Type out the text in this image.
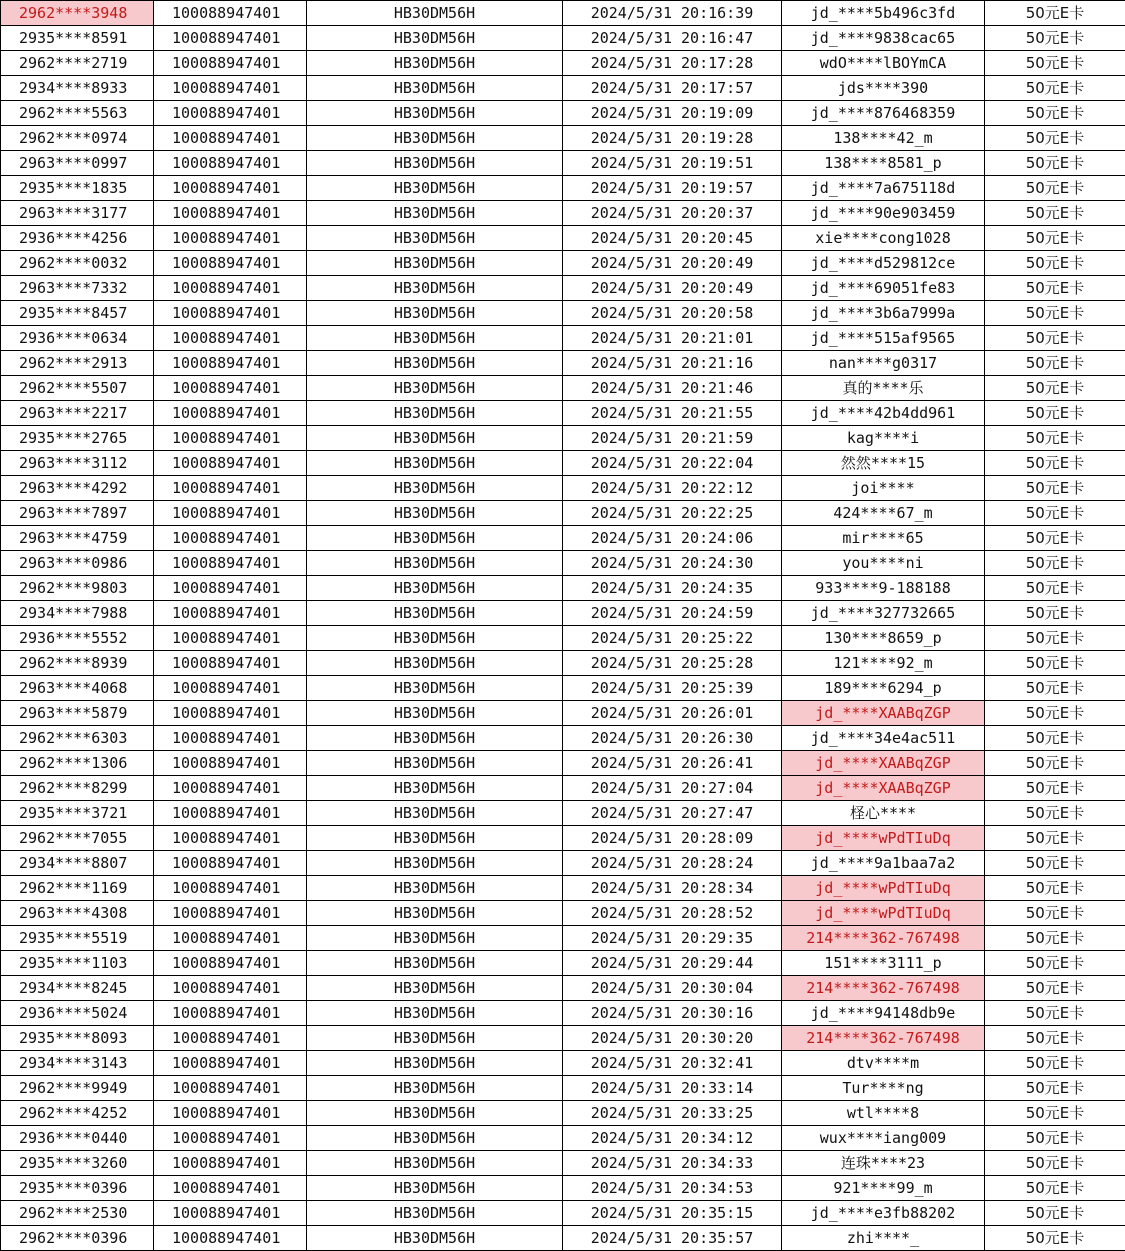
2962****3948	100088947401	HB30DM56H	2024/5/31 20:16:39	jd_****5b496c3fd	50元E卡
2935****8591	100088947401	HB30DM56H	2024/5/31 20:16:47	jd_****9838cac65	50元E卡
2962****2719	100088947401	HB30DM56H	2024/5/31 20:17:28	wdO****lBOYmCA	50元E卡
2934****8933	100088947401	HB30DM56H	2024/5/31 20:17:57	jds****390	50元E卡
2962****5563	100088947401	HB30DM56H	2024/5/31 20:19:09	jd_****876468359	50元E卡
2962****0974	100088947401	HB30DM56H	2024/5/31 20:19:28	138****42_m	50元E卡
2963****0997	100088947401	HB30DM56H	2024/5/31 20:19:51	138****8581_p	50元E卡
2935****1835	100088947401	HB30DM56H	2024/5/31 20:19:57	jd_****7a675118d	50元E卡
2963****3177	100088947401	HB30DM56H	2024/5/31 20:20:37	jd_****90e903459	50元E卡
2936****4256	100088947401	HB30DM56H	2024/5/31 20:20:45	xie****cong1028	50元E卡
2962****0032	100088947401	HB30DM56H	2024/5/31 20:20:49	jd_****d529812ce	50元E卡
2963****7332	100088947401	HB30DM56H	2024/5/31 20:20:49	jd_****69051fe83	50元E卡
2935****8457	100088947401	HB30DM56H	2024/5/31 20:20:58	jd_****3b6a7999a	50元E卡
2936****0634	100088947401	HB30DM56H	2024/5/31 20:21:01	jd_****515af9565	50元E卡
2962****2913	100088947401	HB30DM56H	2024/5/31 20:21:16	nan****g0317	50元E卡
2962****5507	100088947401	HB30DM56H	2024/5/31 20:21:46	真的****乐	50元E卡
2963****2217	100088947401	HB30DM56H	2024/5/31 20:21:55	jd_****42b4dd961	50元E卡
2935****2765	100088947401	HB30DM56H	2024/5/31 20:21:59	kag****i	50元E卡
2963****3112	100088947401	HB30DM56H	2024/5/31 20:22:04	然然****15	50元E卡
2963****4292	100088947401	HB30DM56H	2024/5/31 20:22:12	joi****	50元E卡
2963****7897	100088947401	HB30DM56H	2024/5/31 20:22:25	424****67_m	50元E卡
2963****4759	100088947401	HB30DM56H	2024/5/31 20:24:06	mir****65	50元E卡
2963****0986	100088947401	HB30DM56H	2024/5/31 20:24:30	you****ni	50元E卡
2962****9803	100088947401	HB30DM56H	2024/5/31 20:24:35	933****9-188188	50元E卡
2934****7988	100088947401	HB30DM56H	2024/5/31 20:24:59	jd_****327732665	50元E卡
2936****5552	100088947401	HB30DM56H	2024/5/31 20:25:22	130****8659_p	50元E卡
2962****8939	100088947401	HB30DM56H	2024/5/31 20:25:28	121****92_m	50元E卡
2963****4068	100088947401	HB30DM56H	2024/5/31 20:25:39	189****6294_p	50元E卡
2963****5879	100088947401	HB30DM56H	2024/5/31 20:26:01	jd_****XAABqZGP	50元E卡
2962****6303	100088947401	HB30DM56H	2024/5/31 20:26:30	jd_****34e4ac511	50元E卡
2962****1306	100088947401	HB30DM56H	2024/5/31 20:26:41	jd_****XAABqZGP	50元E卡
2962****8299	100088947401	HB30DM56H	2024/5/31 20:27:04	jd_****XAABqZGP	50元E卡
2935****3721	100088947401	HB30DM56H	2024/5/31 20:27:47	柽心****	50元E卡
2962****7055	100088947401	HB30DM56H	2024/5/31 20:28:09	jd_****wPdTIuDq	50元E卡
2934****8807	100088947401	HB30DM56H	2024/5/31 20:28:24	jd_****9a1baa7a2	50元E卡
2962****1169	100088947401	HB30DM56H	2024/5/31 20:28:34	jd_****wPdTIuDq	50元E卡
2963****4308	100088947401	HB30DM56H	2024/5/31 20:28:52	jd_****wPdTIuDq	50元E卡
2935****5519	100088947401	HB30DM56H	2024/5/31 20:29:35	214****362-767498	50元E卡
2935****1103	100088947401	HB30DM56H	2024/5/31 20:29:44	151****3111_p	50元E卡
2934****8245	100088947401	HB30DM56H	2024/5/31 20:30:04	214****362-767498	50元E卡
2936****5024	100088947401	HB30DM56H	2024/5/31 20:30:16	jd_****94148db9e	50元E卡
2935****8093	100088947401	HB30DM56H	2024/5/31 20:30:20	214****362-767498	50元E卡
2934****3143	100088947401	HB30DM56H	2024/5/31 20:32:41	dtv****m	50元E卡
2962****9949	100088947401	HB30DM56H	2024/5/31 20:33:14	Tur****ng	50元E卡
2962****4252	100088947401	HB30DM56H	2024/5/31 20:33:25	wtl****8	50元E卡
2936****0440	100088947401	HB30DM56H	2024/5/31 20:34:12	wux****iang009	50元E卡
2935****3260	100088947401	HB30DM56H	2024/5/31 20:34:33	连珠****23	50元E卡
2935****0396	100088947401	HB30DM56H	2024/5/31 20:34:53	921****99_m	50元E卡
2962****2530	100088947401	HB30DM56H	2024/5/31 20:35:15	jd_****e3fb88202	50元E卡
2962****0396	100088947401	HB30DM56H	2024/5/31 20:35:57	zhi****_	50元E卡
